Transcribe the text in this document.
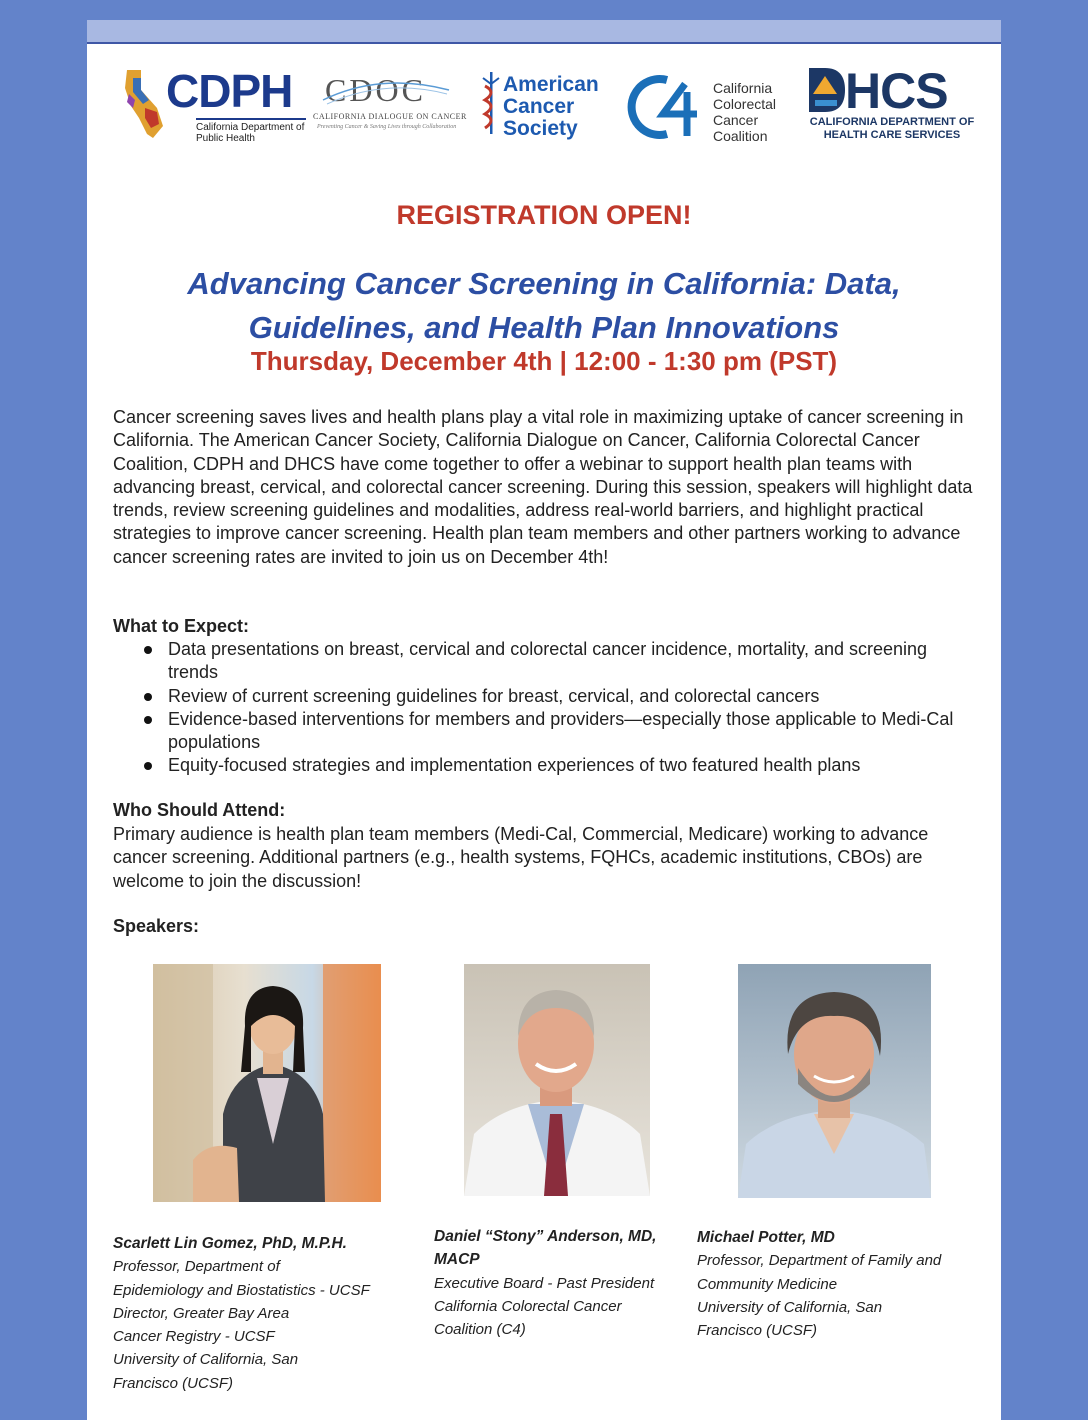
CDPH
California Department of
Public Health
CDOC
CALIFORNIA DIALOGUE ON CANCER
Preventing Cancer & Saving Lives through Collaboration
American
Cancer
Society
California
Colorectal
Cancer
Coalition
HCS
CALIFORNIA DEPARTMENT OF
HEALTH CARE SERVICES
REGISTRATION OPEN!
Advancing Cancer Screening in California: Data, Guidelines, and Health Plan Innovations
Thursday, December 4th | 12:00 - 1:30 pm (PST)

Cancer screening saves lives and health plans play a vital role in maximizing uptake of cancer screening in California. The American Cancer Society, California Dialogue on Cancer, California Colorectal Cancer Coalition, CDPH and DHCS have come together to offer a webinar to support health plan teams with advancing breast, cervical, and colorectal cancer screening. During this session, speakers will highlight data trends, review screening guidelines and modalities, address real-world barriers, and highlight practical strategies to improve cancer screening. Health plan team members and other partners working to advance cancer screening rates are invited to join us on December 4th!

What to Expect:
Data presentations on breast, cervical and colorectal cancer incidence, mortality, and screening trends
Review of current screening guidelines for breast, cervical, and colorectal cancers
Evidence-based interventions for members and providers—especially those applicable to Medi-Cal populations
Equity-focused strategies and implementation experiences of two featured health plans
Who Should Attend:
Primary audience is health plan team members (Medi-Cal, Commercial, Medicare) working to advance cancer screening. Additional partners (e.g., health systems, FQHCs, academic institutions, CBOs) are welcome to join the discussion!
Speakers:
Scarlett Lin Gomez, PhD, M.P.H.
Professor, Department of
Epidemiology and Biostatistics - UCSF
Director, Greater Bay Area
Cancer Registry - UCSF
University of California, San
Francisco (UCSF)
Daniel “Stony” Anderson, MD, MACP
Executive Board - Past President
California Colorectal Cancer
Coalition (C4)
Michael Potter, MD
Professor, Department of Family and
Community Medicine
University of California, San
Francisco (UCSF)
